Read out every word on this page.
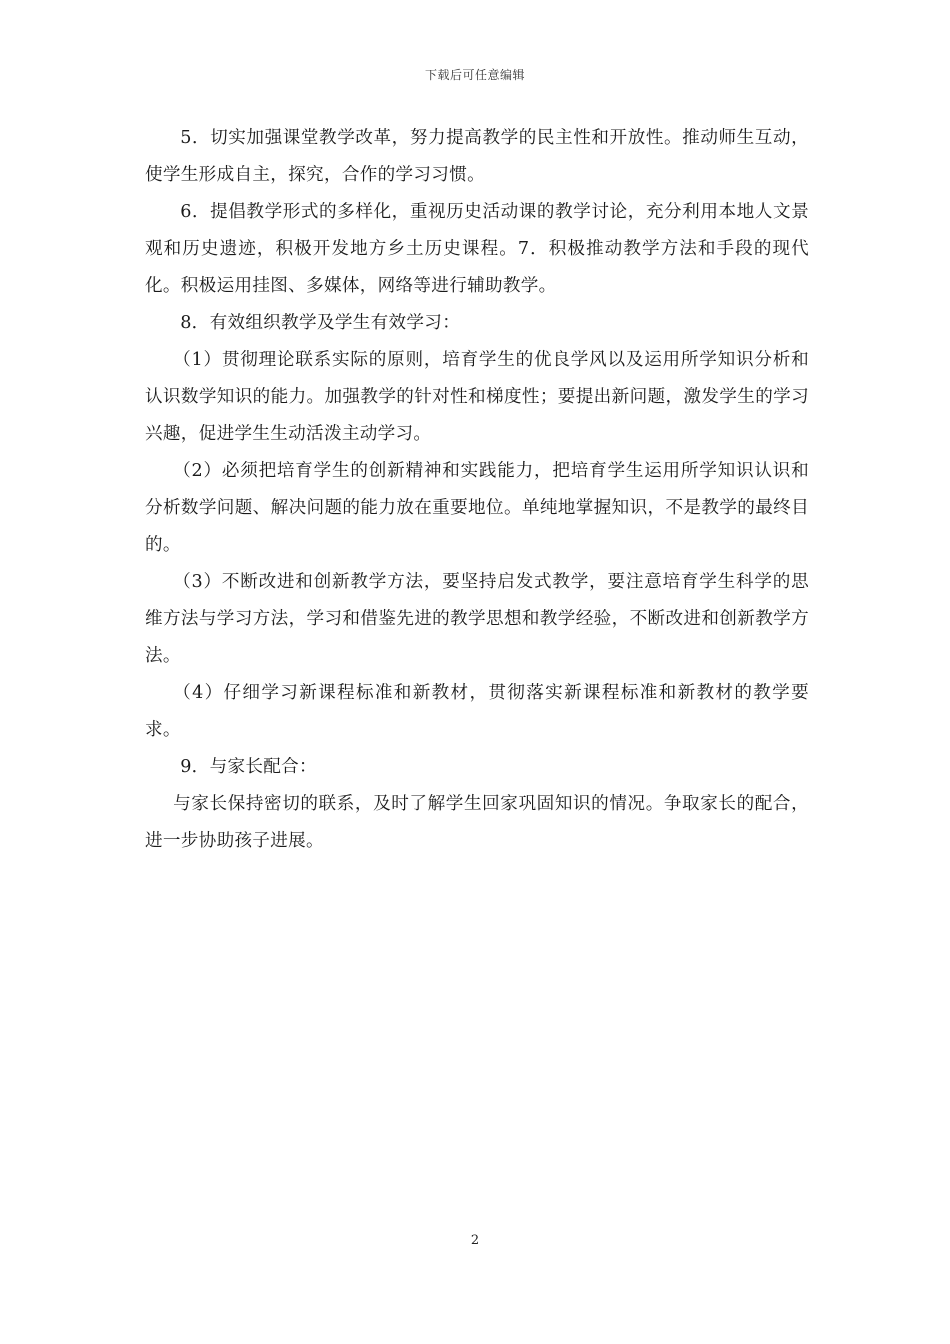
下载后可任意编辑

5．切实加强课堂教学改革，努力提高教学的民主性和开放性。推动师生互动，使学生形成自主，探究，合作的学习习惯。

6．提倡教学形式的多样化，重视历史活动课的教学讨论，充分利用本地人文景观和历史遗迹，积极开发地方乡土历史课程。7．积极推动教学方法和手段的现代化。积极运用挂图、多媒体，网络等进行辅助教学。

8．有效组织教学及学生有效学习：

（1）贯彻理论联系实际的原则，培育学生的优良学风以及运用所学知识分析和认识数学知识的能力。加强教学的针对性和梯度性；要提出新问题，激发学生的学习兴趣，促进学生生动活泼主动学习。

（2）必须把培育学生的创新精神和实践能力，把培育学生运用所学知识认识和分析数学问题、解决问题的能力放在重要地位。单纯地掌握知识，不是教学的最终目的。

（3）不断改进和创新教学方法，要坚持启发式教学，要注意培育学生科学的思维方法与学习方法，学习和借鉴先进的教学思想和教学经验，不断改进和创新教学方法。

（4）仔细学习新课程标准和新教材，贯彻落实新课程标准和新教材的教学要求。

9．与家长配合：

与家长保持密切的联系，及时了解学生回家巩固知识的情况。争取家长的配合，进一步协助孩子进展。

2
